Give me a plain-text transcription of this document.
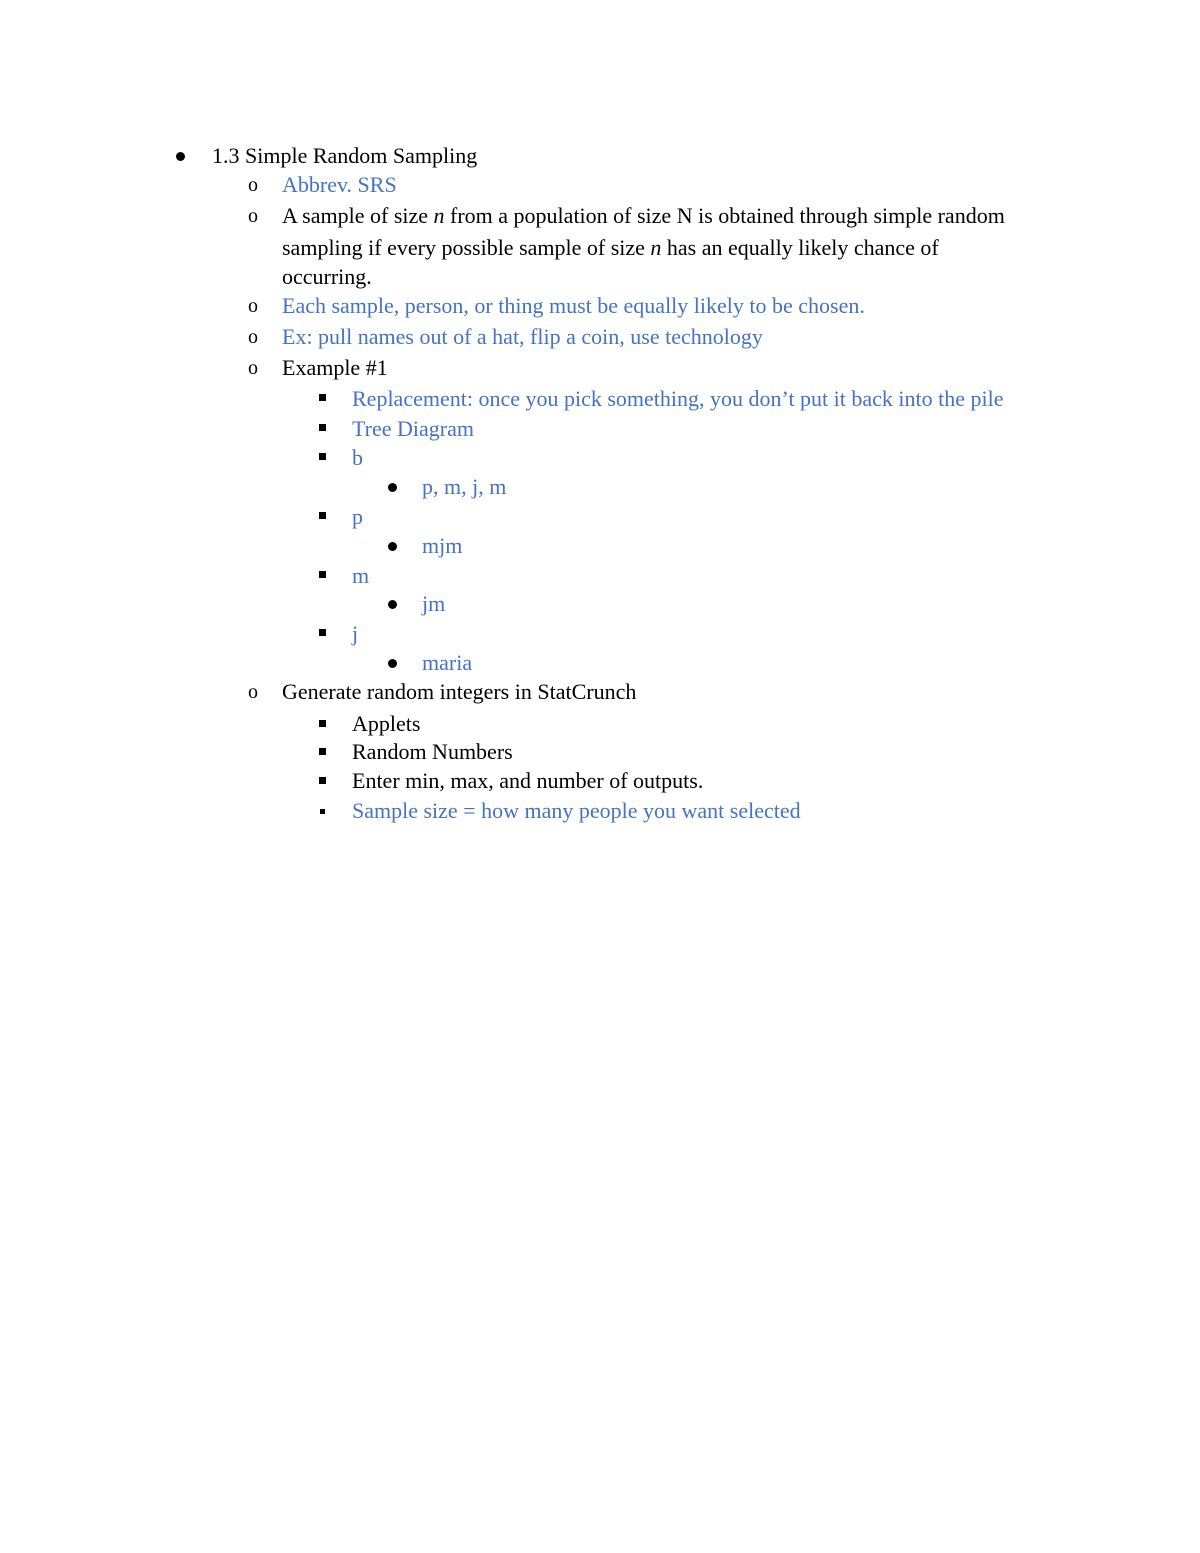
1.3 Simple Random Sampling
o Abbrev. SRS
o A sample of size n from a population of size N is obtained through simple random
sampling if every possible sample of size n has an equally likely chance of
occurring.
o Each sample, person, or thing must be equally likely to be chosen.
o Ex: pull names out of a hat, flip a coin, use technology
o Example #1
Replacement: once you pick something, you don’t put it back into the pile
Tree Diagram
b
p, m, j, m
p
mjm
m
jm
j
maria
o Generate random integers in StatCrunch
Applets
Random Numbers
Enter min, max, and number of outputs.
Sample size = how many people you want selected
